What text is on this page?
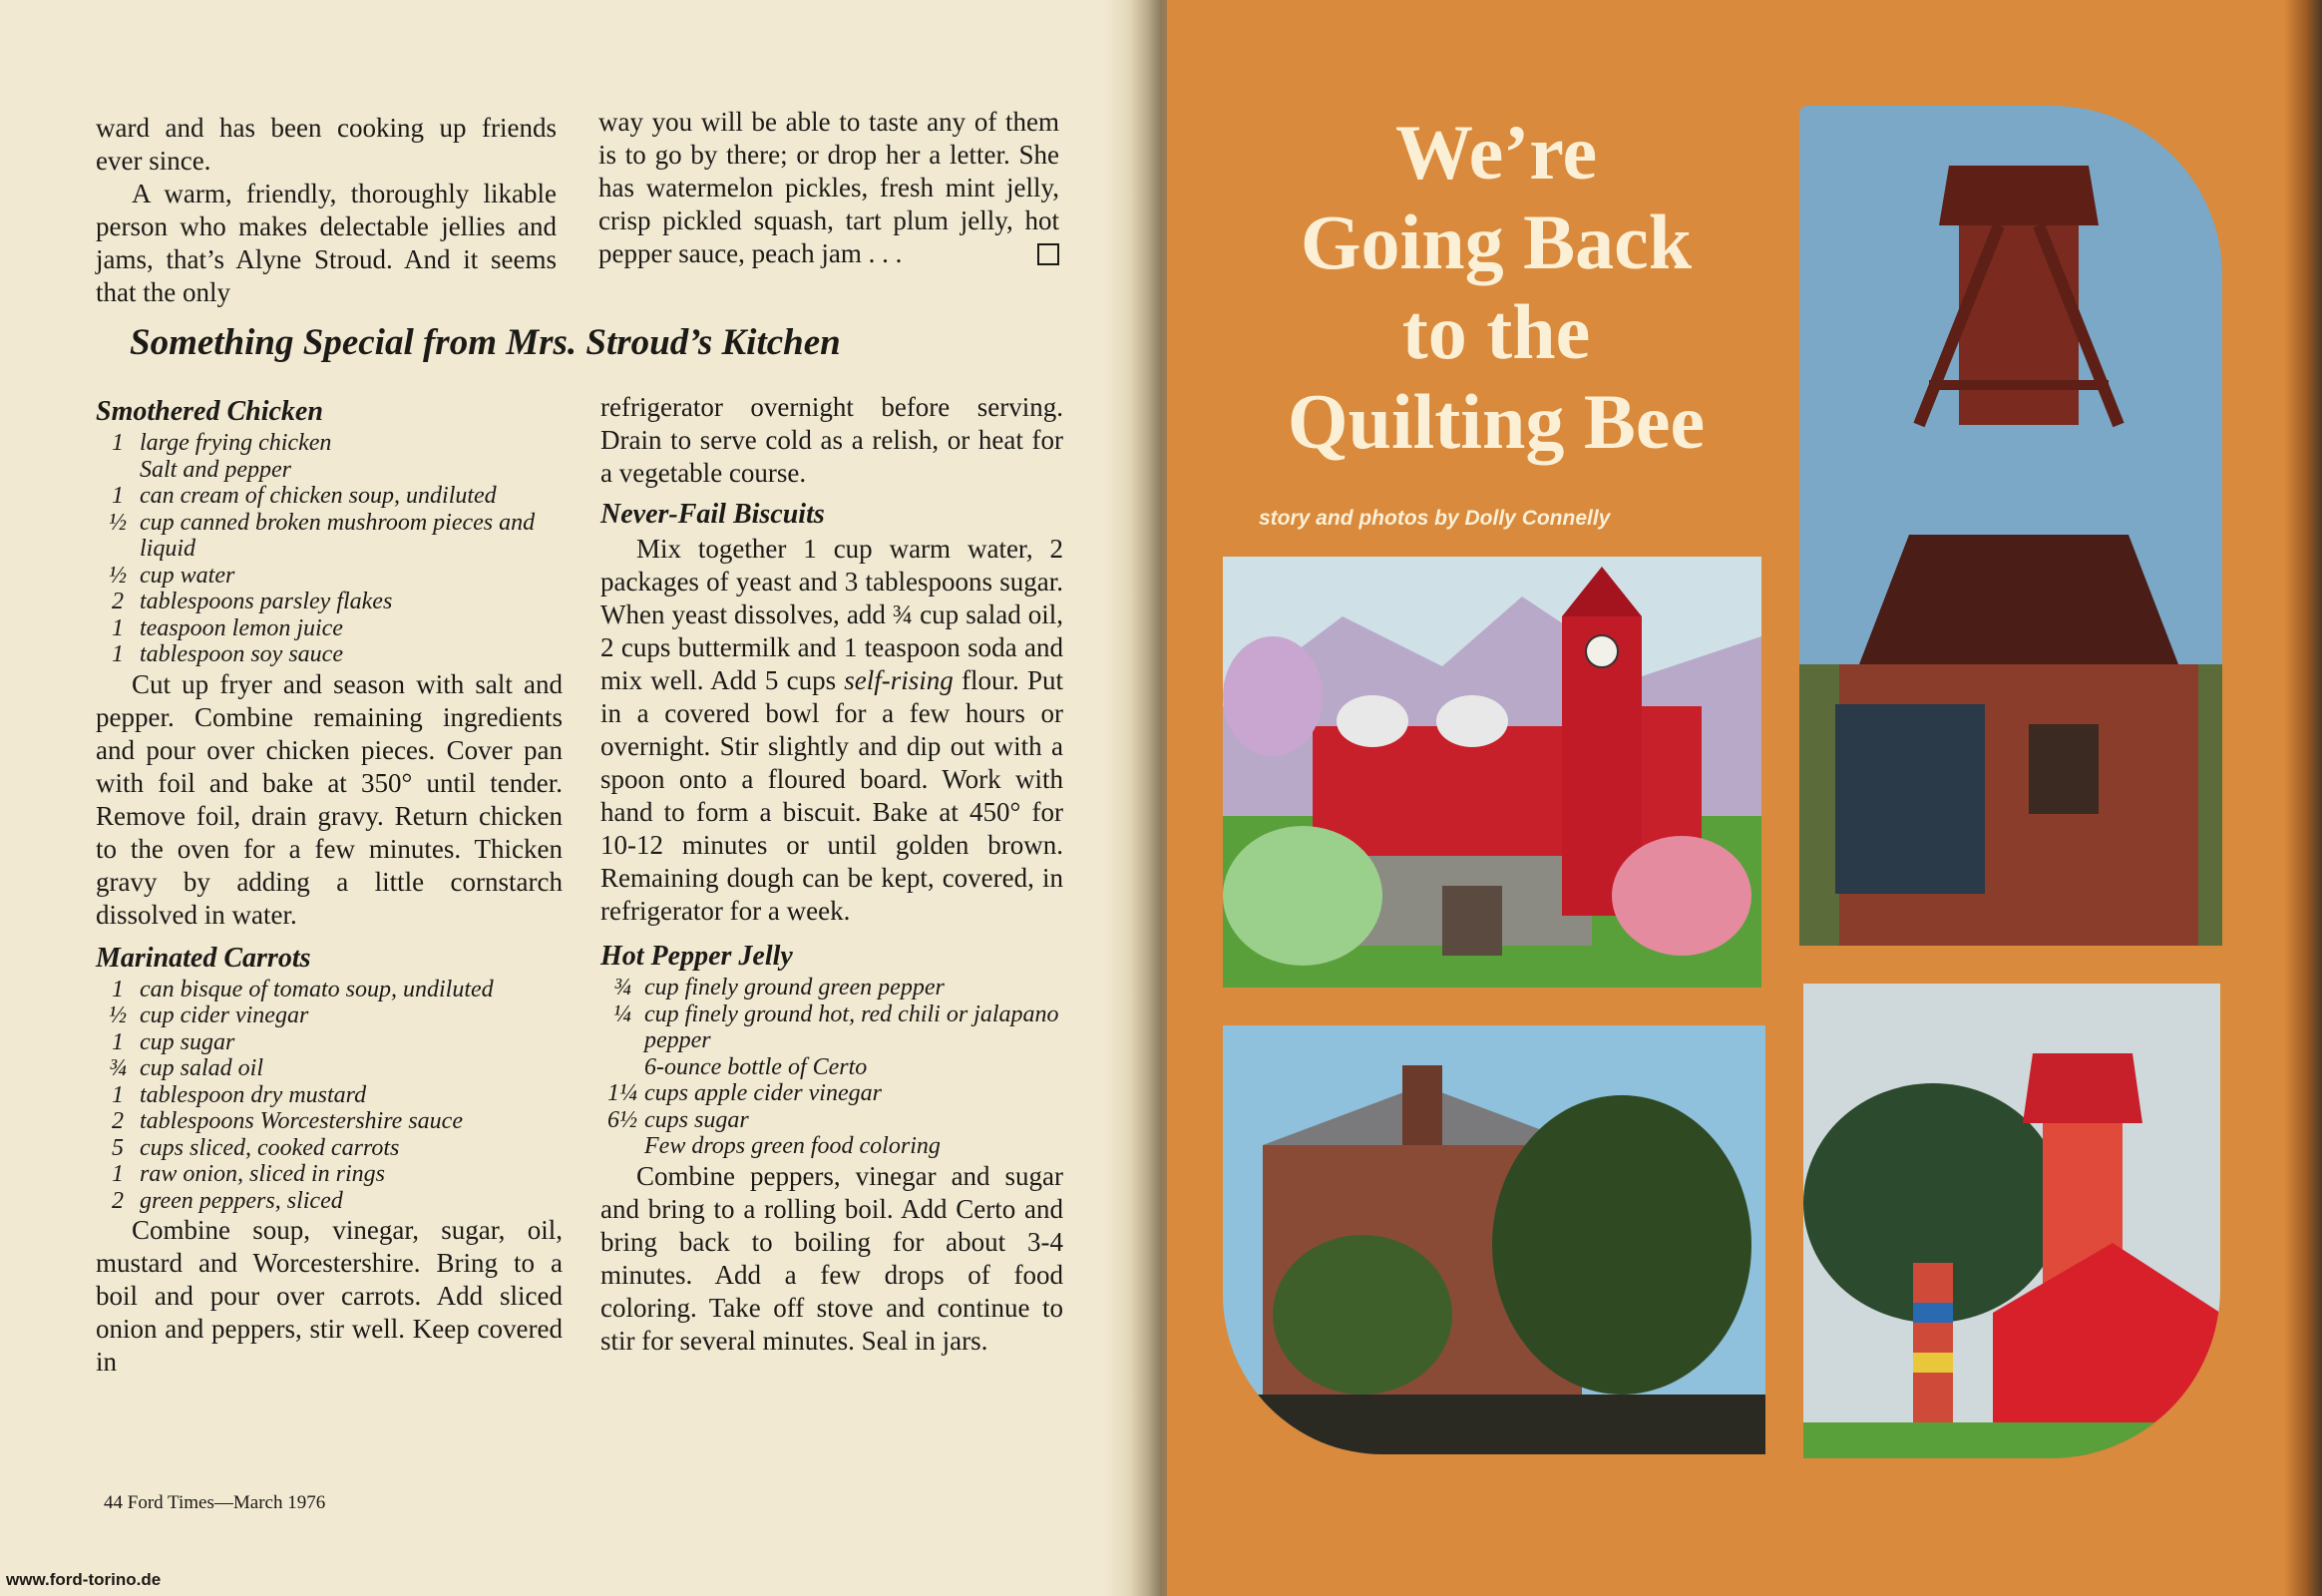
ward and has been cooking up friends ever since.

A warm, friendly, thoroughly likable person who makes delectable jellies and jams, that’s Alyne Stroud. And it seems that the only

way you will be able to taste any of them is to go by there; or drop her a letter. She has watermelon pickles, fresh mint jelly, crisp pickled squash, tart plum jelly, hot pepper sauce, peach jam . . .

Something Special from Mrs. Stroud’s Kitchen
Smothered Chicken
1 large frying chicken
Salt and pepper
1 can cream of chicken soup, undiluted
½ cup canned broken mushroom pieces and liquid
½ cup water
2 tablespoons parsley flakes
1 teaspoon lemon juice
1 tablespoon soy sauce

Cut up fryer and season with salt and pepper. Combine remaining ingredients and pour over chicken pieces. Cover pan with foil and bake at 350° until tender. Remove foil, drain gravy. Return chicken to the oven for a few minutes. Thicken gravy by adding a little cornstarch dissolved in water.

Marinated Carrots
1 can bisque of tomato soup, undiluted
½ cup cider vinegar
1 cup sugar
¾ cup salad oil
1 tablespoon dry mustard
2 tablespoons Worcestershire sauce
5 cups sliced, cooked carrots
1 raw onion, sliced in rings
2 green peppers, sliced

Combine soup, vinegar, sugar, oil, mustard and Worcestershire. Bring to a boil and pour over carrots. Add sliced onion and peppers, stir well. Keep covered in

refrigerator overnight before serving. Drain to serve cold as a relish, or heat for a vegetable course.

Never-Fail Biscuits

Mix together 1 cup warm water, 2 packages of yeast and 3 tablespoons sugar. When yeast dissolves, add ¾ cup salad oil, 2 cups buttermilk and 1 teaspoon soda and mix well. Add 5 cups self-rising flour. Put in a covered bowl for a few hours or overnight. Stir slightly and dip out with a spoon onto a floured board. Work with hand to form a biscuit. Bake at 450° for 10-12 minutes or until golden brown. Remaining dough can be kept, covered, in refrigerator for a week.

Hot Pepper Jelly
¾ cup finely ground green pepper
¼ cup finely ground hot, red chili or jalapano pepper
6-ounce bottle of Certo
1¼ cups apple cider vinegar
6½ cups sugar
Few drops green food coloring

Combine peppers, vinegar and sugar and bring to a rolling boil. Add Certo and bring back to boiling for about 3-4 minutes. Add a few drops of food coloring. Take off stove and continue to stir for several minutes. Seal in jars.

44 Ford Times—March 1976
www.ford-torino.de
We’re
Going Back
to the
Quilting Bee
story and photos by Dolly Connelly
